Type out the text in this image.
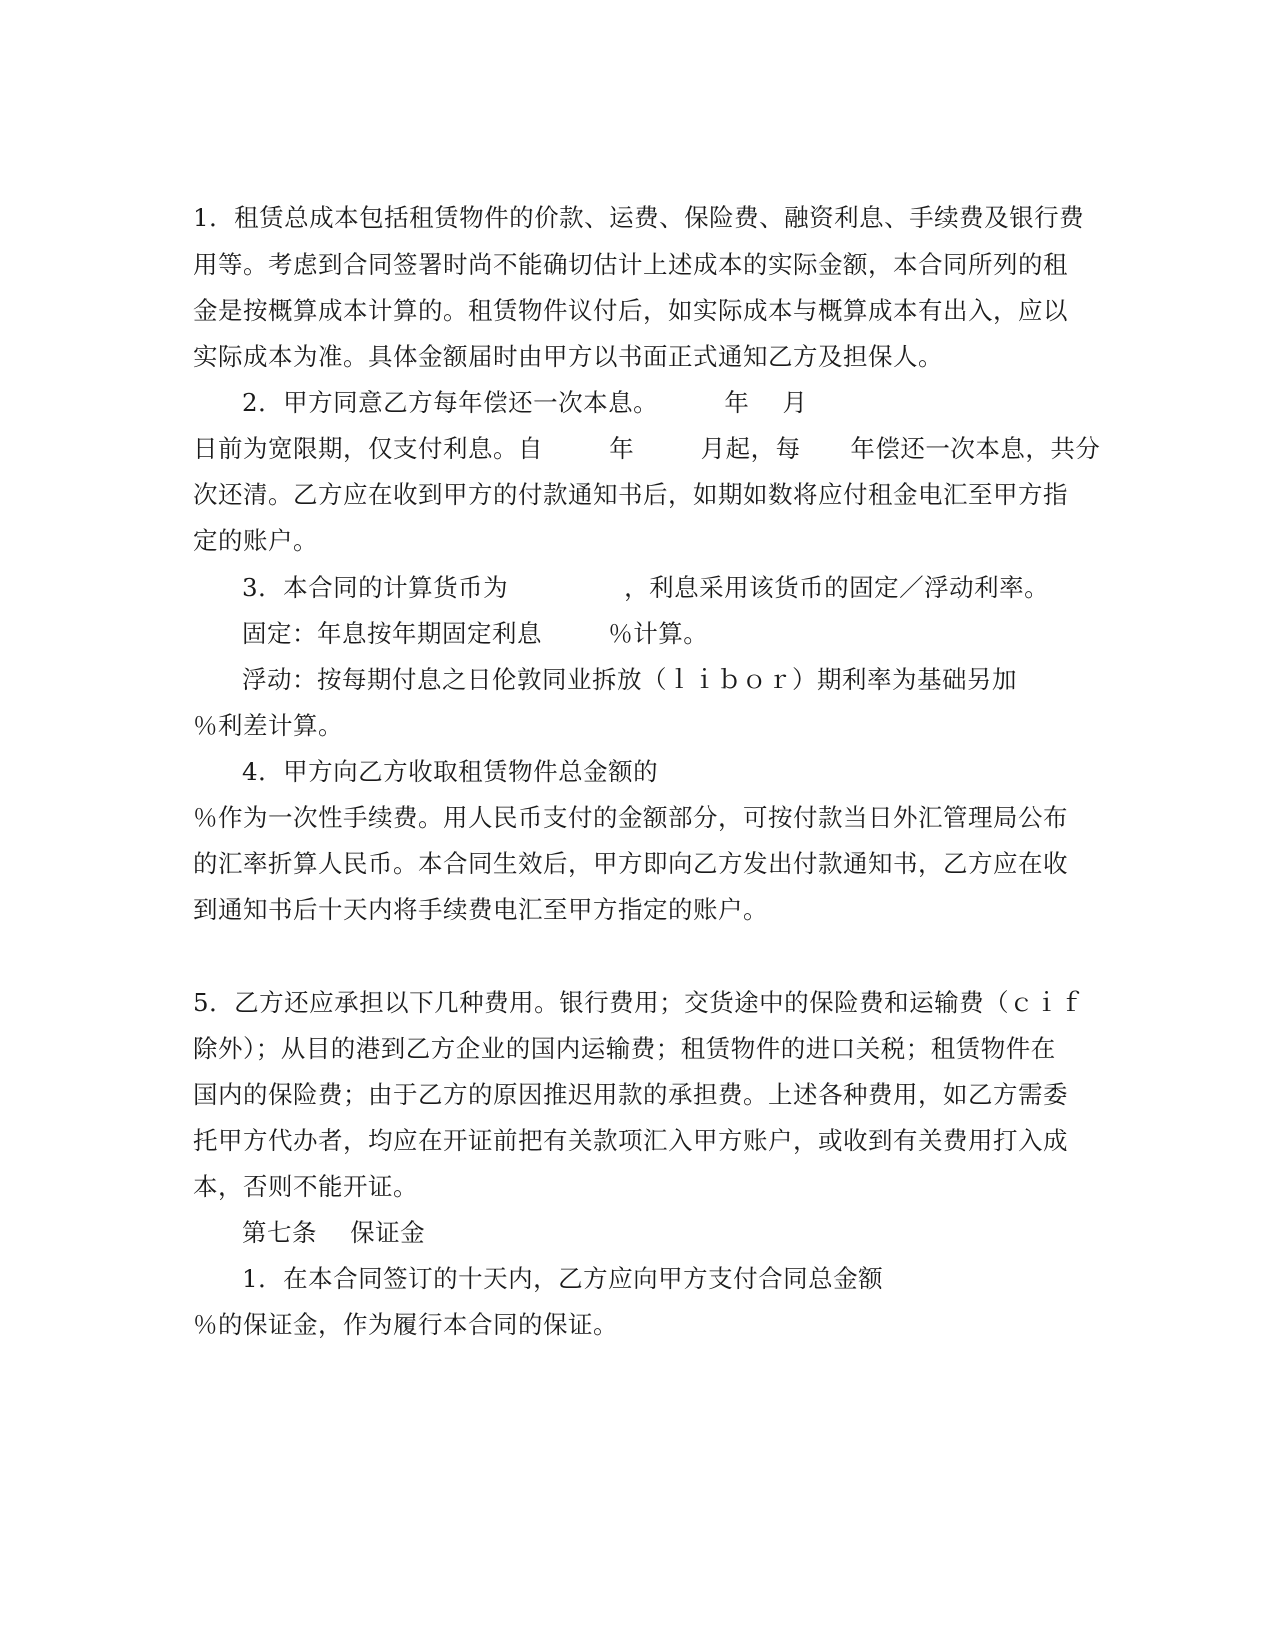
1．租赁总成本包括租赁物件的价款、运费、保险费、融资利息、手续费及银行费
用等。考虑到合同签署时尚不能确切估计上述成本的实际金额，本合同所列的租
金是按概算成本计算的。租赁物件议付后，如实际成本与概算成本有出入，应以
实际成本为准。具体金额届时由甲方以书面正式通知乙方及担保人。
2．甲方同意乙方每年偿还一次本息。        年    月
日前为宽限期，仅支付利息。自        年        月起，每      年偿还一次本息，共分
次还清。乙方应在收到甲方的付款通知书后，如期如数将应付租金电汇至甲方指
定的账户。
3．本合同的计算货币为              ，利息采用该货币的固定／浮动利率。
固定：年息按年期固定利息        ％计算。
浮动：按每期付息之日伦敦同业拆放（ｌｉｂｏｒ）期利率为基础另加
％利差计算。
4．甲方向乙方收取租赁物件总金额的
％作为一次性手续费。用人民币支付的金额部分，可按付款当日外汇管理局公布
的汇率折算人民币。本合同生效后，甲方即向乙方发出付款通知书，乙方应在收
到通知书后十天内将手续费电汇至甲方指定的账户。
5．乙方还应承担以下几种费用。银行费用；交货途中的保险费和运输费（ｃｉｆ
除外）；从目的港到乙方企业的国内运输费；租赁物件的进口关税；租赁物件在
国内的保险费；由于乙方的原因推迟用款的承担费。上述各种费用，如乙方需委
托甲方代办者，均应在开证前把有关款项汇入甲方账户，或收到有关费用打入成
本，否则不能开证。
第七条    保证金
1．在本合同签订的十天内，乙方应向甲方支付合同总金额
％的保证金，作为履行本合同的保证。
